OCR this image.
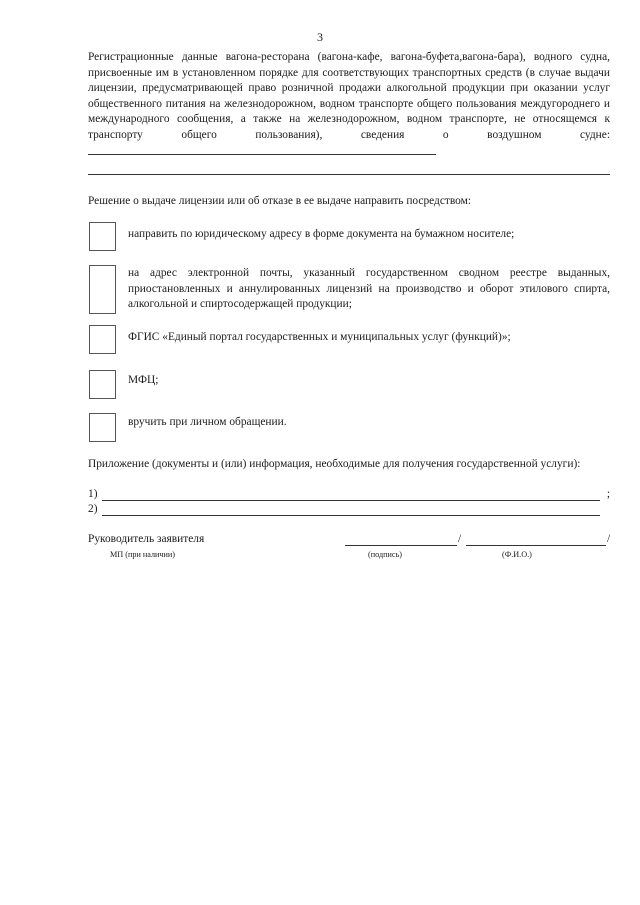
3
Регистрационные данные вагона-ресторана (вагона-кафе, вагона-буфета,вагона-бара), водного судна, присвоенные им в установленном порядке для соответствующих транспортных средств (в случае выдачи лицензии, предусматривающей право розничной продажи алкогольной продукции при оказании услуг общественного питания на железнодорожном, водном транспорте общего пользования междугороднего и международного сообщения, а также на железнодорожном, водном транспорте, не относящемся к транспорту общего пользования), сведения о воздушном судне:
Решение о выдаче лицензии или об отказе в ее выдаче направить посредством:
направить по юридическому адресу в форме документа на бумажном носителе;
на адрес электронной почты, указанный государственном сводном реестре выданных, приостановленных и аннулированных лицензий на производство и оборот этилового спирта, алкогольной и спиртосодержащей продукции;
ФГИС «Единый портал государственных и муниципальных услуг (функций)»;
МФЦ;
вручить при личном обращении.
Приложение (документы и (или) информация, необходимые для получения государственной услуги):
1)	;
2)
Руководитель заявителя	/	/
МП (при наличии)	(подпись)	(Ф.И.О.)
